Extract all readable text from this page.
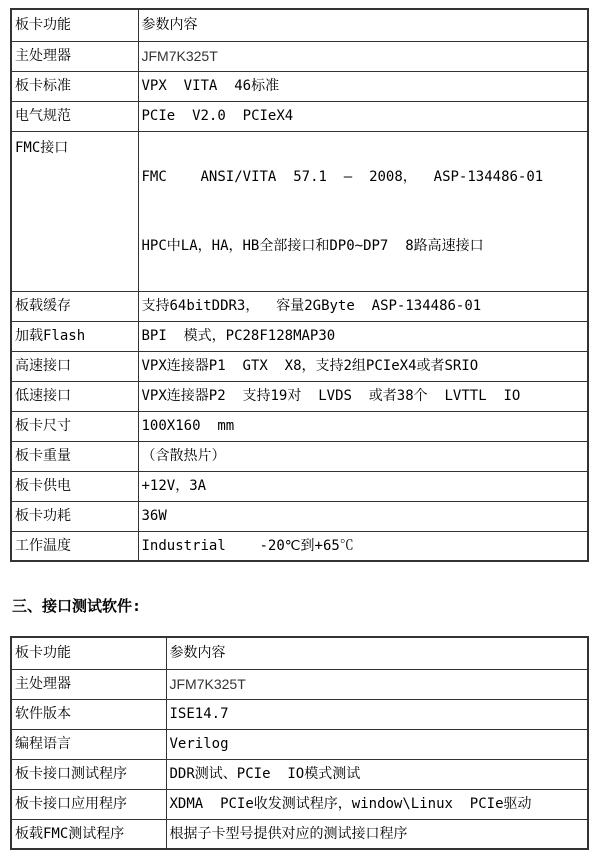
板卡功能	参数内容
主处理器	JFM7K325T
板卡标准	VPX  VITA  46标准
电气规范	PCIe  V2.0  PCIeX4
FMC接口	FMC    ANSI/VITA  57.1  –  2008，  ASP-134486-01

HPC中LA，HA，HB全部接口和DP0~DP7  8路高速接口

板载缓存	支持64bitDDR3，  容量2GByte  ASP-134486-01
加载Flash	BPI  模式，PC28F128MAP30
高速接口	VPX连接器P1  GTX  X8，支持2组PCIeX4或者SRIO
低速接口	VPX连接器P2  支持19对  LVDS  或者38个  LVTTL  IO
板卡尺寸	100X160  mm
板卡重量	（含散热片）
板卡供电	+12V，3A
板卡功耗	36W
工作温度	Industrial    -20℃到+65℃
三、接口测试软件:
板卡功能	参数内容
主处理器	JFM7K325T
软件版本	ISE14.7
编程语言	Verilog
板卡接口测试程序	DDR测试、PCIe  IO模式测试
板卡接口应用程序	XDMA  PCIe收发测试程序，window\Linux  PCIe驱动
板载FMC测试程序	根据子卡型号提供对应的测试接口程序
